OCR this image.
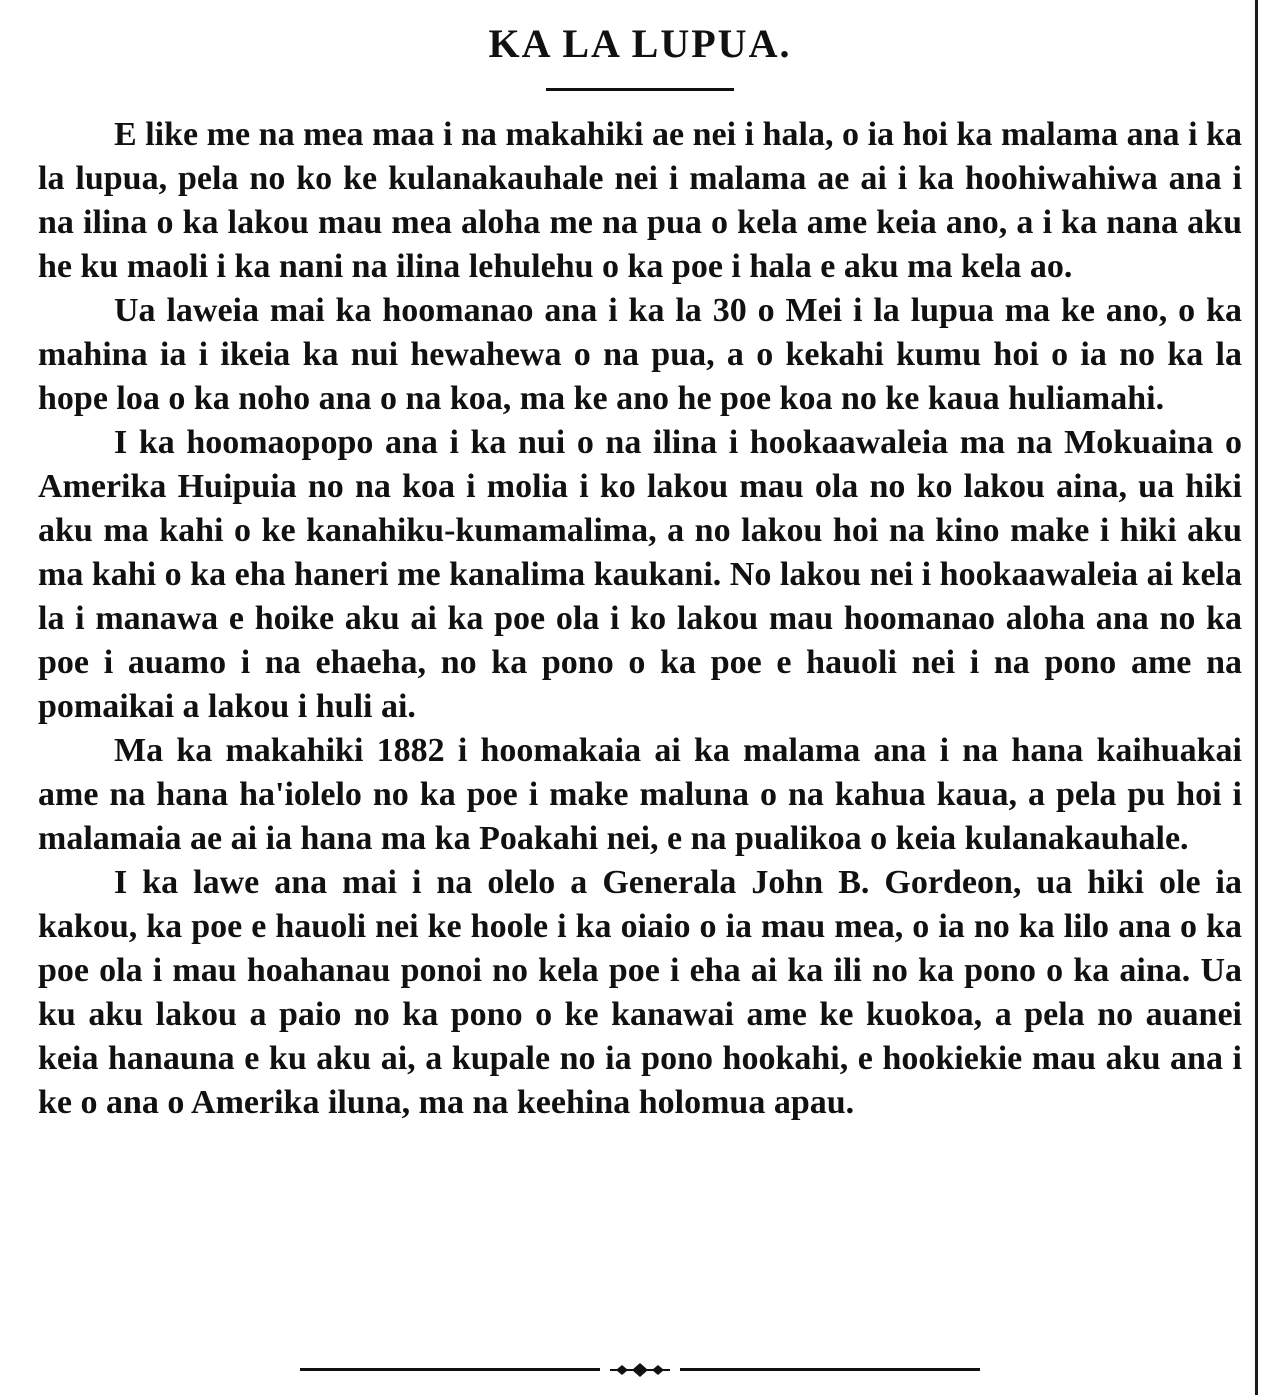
KA LA LUPUA.

E like me na mea maa i na makahiki ae nei i hala, o ia hoi ka malama ana i ka la lupua, pela no ko ke kulanakauhale nei i malama ae ai i ka hoohiwahiwa ana i na ilina o ka lakou mau mea aloha me na pua o kela ame keia ano, a i ka nana aku he ku maoli i ka nani na ilina lehulehu o ka poe i hala e aku ma kela ao.

Ua laweia mai ka hoomanao ana i ka la 30 o Mei i la lupua ma ke ano, o ka mahina ia i ikeia ka nui hewahewa o na pua, a o kekahi kumu hoi o ia no ka la hope loa o ka noho ana o na koa, ma ke ano he poe koa no ke kaua huliamahi.

I ka hoomaopopo ana i ka nui o na ilina i hookaawaleia ma na Mokuaina o Amerika Huipuia no na koa i molia i ko lakou mau ola no ko lakou aina, ua hiki aku ma kahi o ke kanahiku-kumamalima, a no lakou hoi na kino make i hiki aku ma kahi o ka eha haneri me kanalima kaukani. No lakou nei i hookaawaleia ai kela la i manawa e hoike aku ai ka poe ola i ko lakou mau hoomanao aloha ana no ka poe i auamo i na ehaeha, no ka pono o ka poe e hauoli nei i na pono ame na pomaikai a lakou i huli ai.

Ma ka makahiki 1882 i hoomakaia ai ka malama ana i na hana kaihuakai ame na hana ha'iolelo no ka poe i make maluna o na kahua kaua, a pela pu hoi i malamaia ae ai ia hana ma ka Poakahi nei, e na pualikoa o keia kulanakauhale.

I ka lawe ana mai i na olelo a Generala John B. Gordeon, ua hiki ole ia kakou, ka poe e hauoli nei ke hoole i ka oiaio o ia mau mea, o ia no ka lilo ana o ka poe ola i mau hoahanau ponoi no kela poe i eha ai ka ili no ka pono o ka aina. Ua ku aku lakou a paio no ka pono o ke kanawai ame ke kuokoa, a pela no auanei keia hanauna e ku aku ai, a kupale no ia pono hookahi, e hookiekie mau aku ana i ke o ana o Amerika iluna, ma na keehina holomua apau.
